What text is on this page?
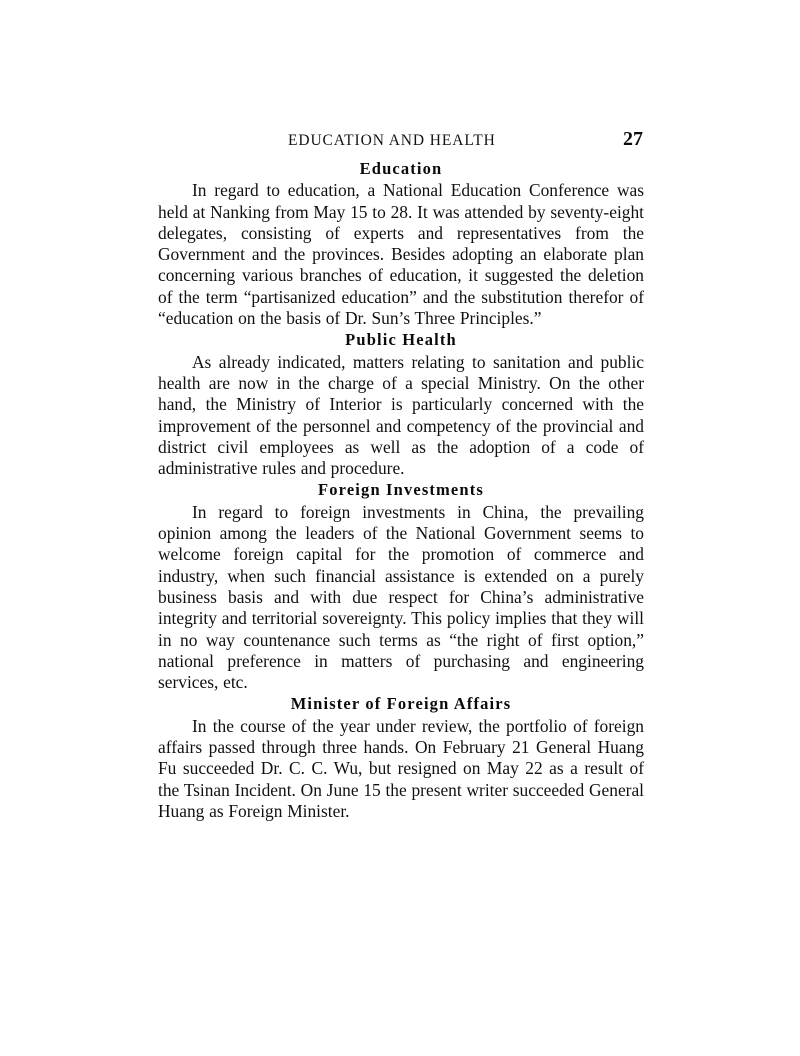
EDUCATION AND HEALTH	27
Education

In regard to education, a National Education Conference was held at Nanking from May 15 to 28. It was attended by seventy-eight delegates, consisting of experts and representatives from the Government and the provinces. Besides adopting an elaborate plan concerning various branches of education, it suggested the deletion of the term “partisanized education” and the substitution therefor of “education on the basis of Dr. Sun’s Three Principles.”

Public Health

As already indicated, matters relating to sanitation and public health are now in the charge of a special Ministry. On the other hand, the Ministry of Interior is particularly concerned with the improvement of the personnel and competency of the provincial and district civil employees as well as the adoption of a code of administrative rules and procedure.

Foreign Investments

In regard to foreign investments in China, the prevailing opinion among the leaders of the National Government seems to welcome foreign capital for the promotion of commerce and industry, when such financial assistance is extended on a purely business basis and with due respect for China’s administrative integrity and territorial sovereignty. This policy implies that they will in no way countenance such terms as “the right of first option,” national preference in matters of purchasing and engineering services, etc.

Minister of Foreign Affairs

In the course of the year under review, the portfolio of foreign affairs passed through three hands. On February 21 General Huang Fu succeeded Dr. C. C. Wu, but resigned on May 22 as a result of the Tsinan Incident. On June 15 the present writer succeeded General Huang as Foreign Minister.
